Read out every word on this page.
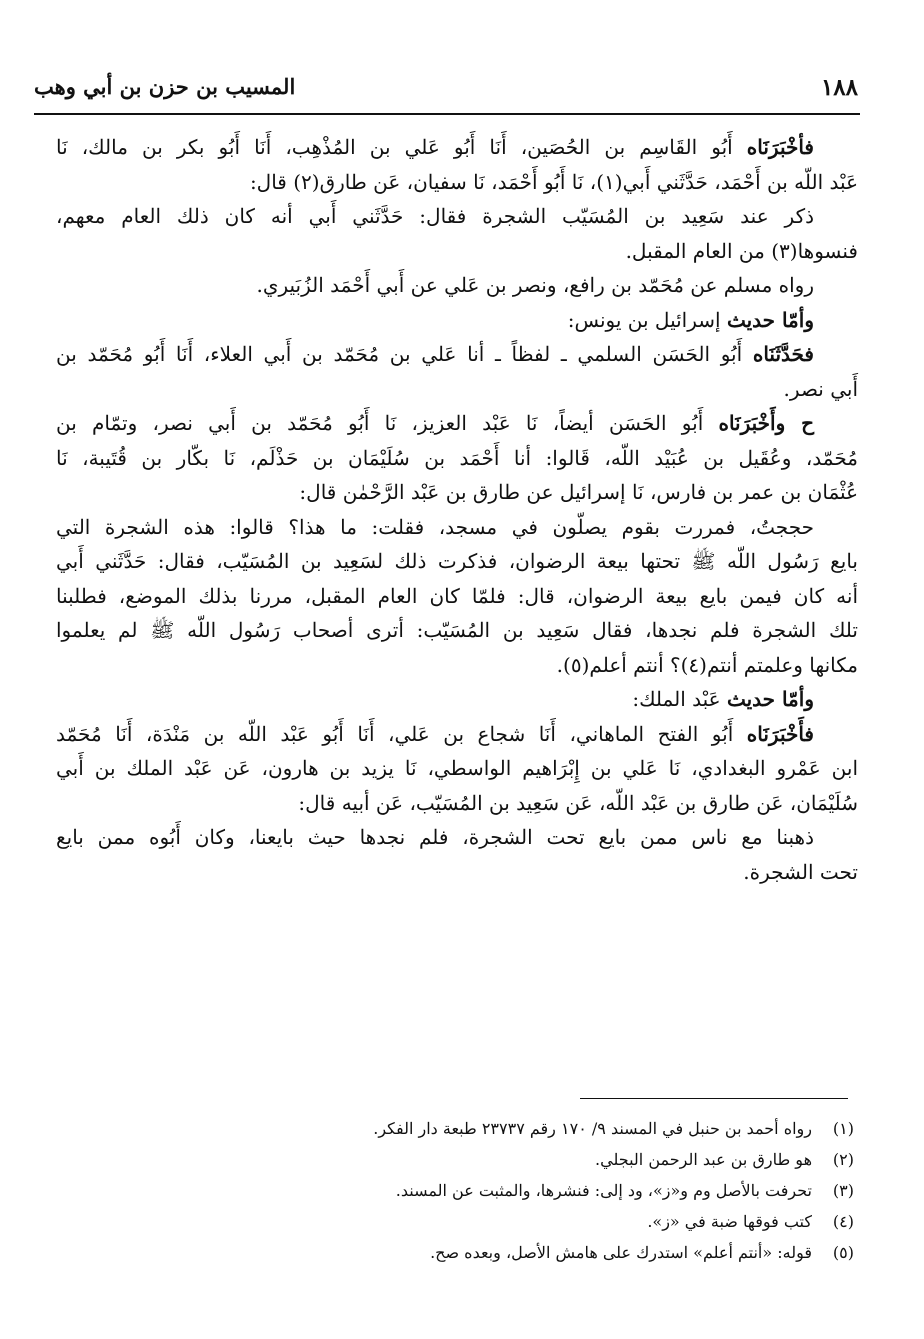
١٨٨
المسيب بن حزن بن أبي وهب
فأخْبَرَنَاه أَبُو القَاسِم بن الحُصَين، أَنَا أَبُو عَلي بن المُذْهِب، أَنَا أَبُو بكر بن مالك، نَا
عَبْد اللّه بن أَحْمَد، حَدَّثَني أَبي(١)، نَا أَبُو أَحْمَد، نَا سفيان، عَن طارق(٢) قال:
ذكر عند سَعِيد بن المُسَيّب الشجرة فقال: حَدَّثَني أَبي أنه كان ذلك العام معهم،
فنسوها(٣) من العام المقبل.
رواه مسلم عن مُحَمّد بن رافع، ونصر بن عَلي عن أَبي أَحْمَد الزُبَيري.
وأمّا حديث إسرائيل بن يونس:
فحَدَّثَنَاه أَبُو الحَسَن السلمي ـ لفظاً ـ أنا عَلي بن مُحَمّد بن أَبي العلاء، أَنَا أَبُو مُحَمّد بن
أَبي نصر.
ح وأَخْبَرَنَاه أَبُو الحَسَن أيضاً، نَا عَبْد العزيز، نَا أَبُو مُحَمّد بن أَبي نصر، وتمّام بن
مُحَمّد، وعُقَيل بن عُبَيْد اللّه، قَالوا: أنا أَحْمَد بن سُلَيْمَان بن حَذْلَم، نَا بكّار بن قُتَيبة، نَا
عُثْمَان بن عمر بن فارس، نَا إسرائيل عن طارق بن عَبْد الرَّحْمٰن قال:
حججتُ، فمررت بقوم يصلّون في مسجد، فقلت: ما هذا؟ قالوا: هذه الشجرة التي
بايع رَسُول اللّه ﷺ تحتها بيعة الرضوان، فذكرت ذلك لسَعِيد بن المُسَيّب، فقال: حَدَّثَني أَبي
أنه كان فيمن بايع بيعة الرضوان، قال: فلمّا كان العام المقبل، مررنا بذلك الموضع، فطلبنا
تلك الشجرة فلم نجدها، فقال سَعِيد بن المُسَيّب: أترى أصحاب رَسُول اللّه ﷺ لم يعلموا
مكانها وعلمتم أنتم(٤)؟ أنتم أعلم(٥).
وأمّا حديث عَبْد الملك:
فأَخْبَرَنَاه أَبُو الفتح الماهاني، أَنَا شجاع بن عَلي، أَنَا أَبُو عَبْد اللّه بن مَنْدَة، أَنَا مُحَمّد
ابن عَمْرو البغدادي، نَا عَلي بن إِبْرَاهيم الواسطي، نَا يزيد بن هارون، عَن عَبْد الملك بن أَبي
سُلَيْمَان، عَن طارق بن عَبْد اللّه، عَن سَعِيد بن المُسَيّب، عَن أبيه قال:
ذهبنا مع ناس ممن بايع تحت الشجرة، فلم نجدها حيث بايعنا، وكان أَبُوه ممن بايع
تحت الشجرة.
(١)رواه أحمد بن حنبل في المسند ٩/ ١٧٠ رقم ٢٣٧٣٧ طبعة دار الفكر.
(٢)هو طارق بن عبد الرحمن البجلي.
(٣)تحرفت بالأصل وم و«ز»، ود إلى: فنشرها، والمثبت عن المسند.
(٤)كتب فوقها ضبة في «ز».
(٥)قوله: «أنتم أعلم» استدرك على هامش الأصل، وبعده صح.
